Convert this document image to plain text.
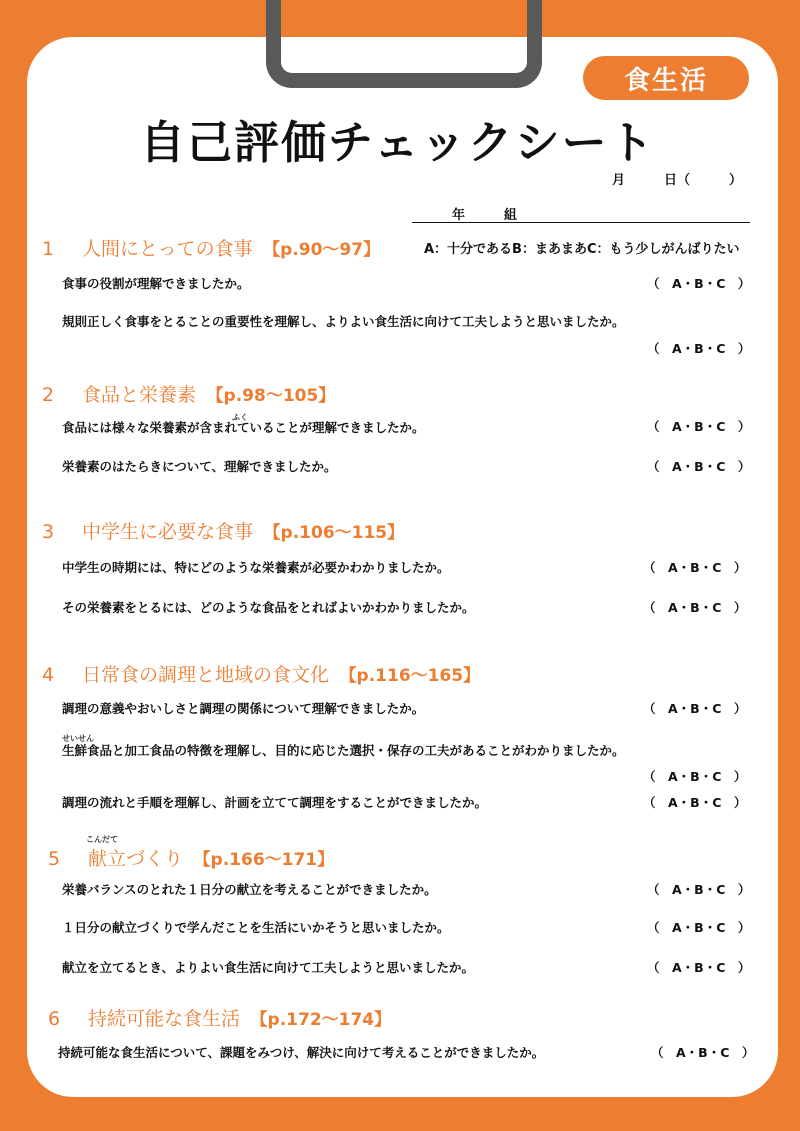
食生活
自己評価チェックシート
月　　　日（　　　）
年　　　組
A：十分であるB：まあまあC：もう少しがんばりたい
1 人間にとっての食事　 【p.90〜97】
食事の役割が理解できましたか。	（　A・B・C　）
規則正しく食事をとることの重要性を理解し、よりよい食生活に向けて工夫しようと思いましたか。
（　A・B・C　）
2 食品と栄養素　 【p.98〜105】
ふく
食品には様々な栄養素が含まれていることが理解できましたか。	（　A・B・C　）
栄養素のはたらきについて、理解できましたか。	（　A・B・C　）
3 中学生に必要な食事　 【p.106〜115】
中学生の時期には、特にどのような栄養素が必要かわかりましたか。	（　A・B・C　）
その栄養素をとるには、どのような食品をとればよいかわかりましたか。	（　A・B・C　）
4 日常食の調理と地域の食文化　 【p.116〜165】
調理の意義やおいしさと調理の関係について理解できましたか。	（　A・B・C　）
せいせん
生鮮食品と加工食品の特徴を理解し、目的に応じた選択・保存の工夫があることがわかりましたか。
（　A・B・C　）
調理の流れと手順を理解し、計画を立てて調理をすることができましたか。	（　A・B・C　）
こんだて
5 献立づくり　 【p.166〜171】
栄養バランスのとれた１日分の献立を考えることができましたか。	（　A・B・C　）
１日分の献立づくりで学んだことを生活にいかそうと思いましたか。	（　A・B・C　）
献立を立てるとき、よりよい食生活に向けて工夫しようと思いましたか。	（　A・B・C　）
6 持続可能な食生活　 【p.172〜174】
持続可能な食生活について、課題をみつけ、解決に向けて考えることができましたか。	（　A・B・C　）
